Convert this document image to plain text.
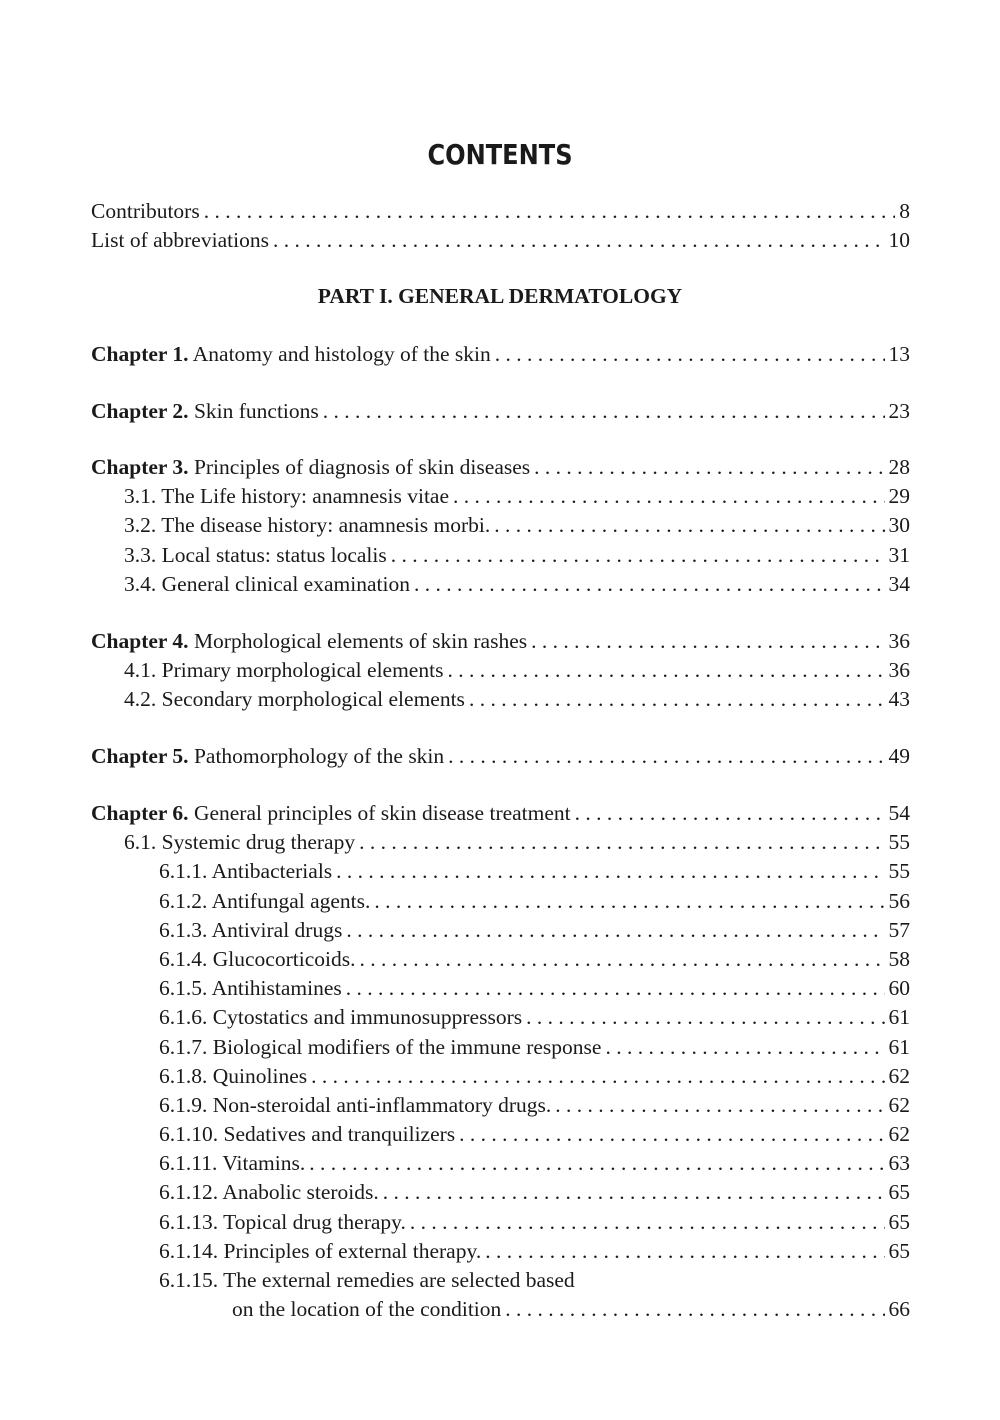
CONTENTS
Contributors . . .	8
List of abbreviations . . .	10
PART I. GENERAL DERMATOLOGY
Chapter 1. Anatomy and histology of the skin . . .	13
Chapter 2. Skin functions . . .	23
Chapter 3. Principles of diagnosis of skin diseases . . .	28
3.1. The Life history: anamnesis vitae . . .	29
3.2. The disease history: anamnesis morbi. . . .	30
3.3. Local status: status localis . . .	31
3.4. General clinical examination . . .	34
Chapter 4. Morphological elements of skin rashes . . .	36
4.1. Primary morphological elements . . .	36
4.2. Secondary morphological elements . . .	43
Chapter 5. Pathomorphology of the skin . . .	49
Chapter 6. General principles of skin disease treatment . . .	54
6.1. Systemic drug therapy . . .	55
6.1.1. Antibacterials . . .	55
6.1.2. Antifungal agents. . . .	56
6.1.3. Antiviral drugs . . .	57
6.1.4. Glucocorticoids. . . .	58
6.1.5. Antihistamines . . .	60
6.1.6. Cytostatics and immunosuppressors . . .	61
6.1.7. Biological modifiers of the immune response . . .	61
6.1.8. Quinolines . . .	62
6.1.9. Non-steroidal anti-inflammatory drugs. . . .	62
6.1.10. Sedatives and tranquilizers . . .	62
6.1.11. Vitamins. . . .	63
6.1.12. Anabolic steroids. . . .	65
6.1.13. Topical drug therapy. . . .	65
6.1.14. Principles of external therapy. . . .	65
6.1.15. The external remedies are selected based
on the location of the condition . . .	66
